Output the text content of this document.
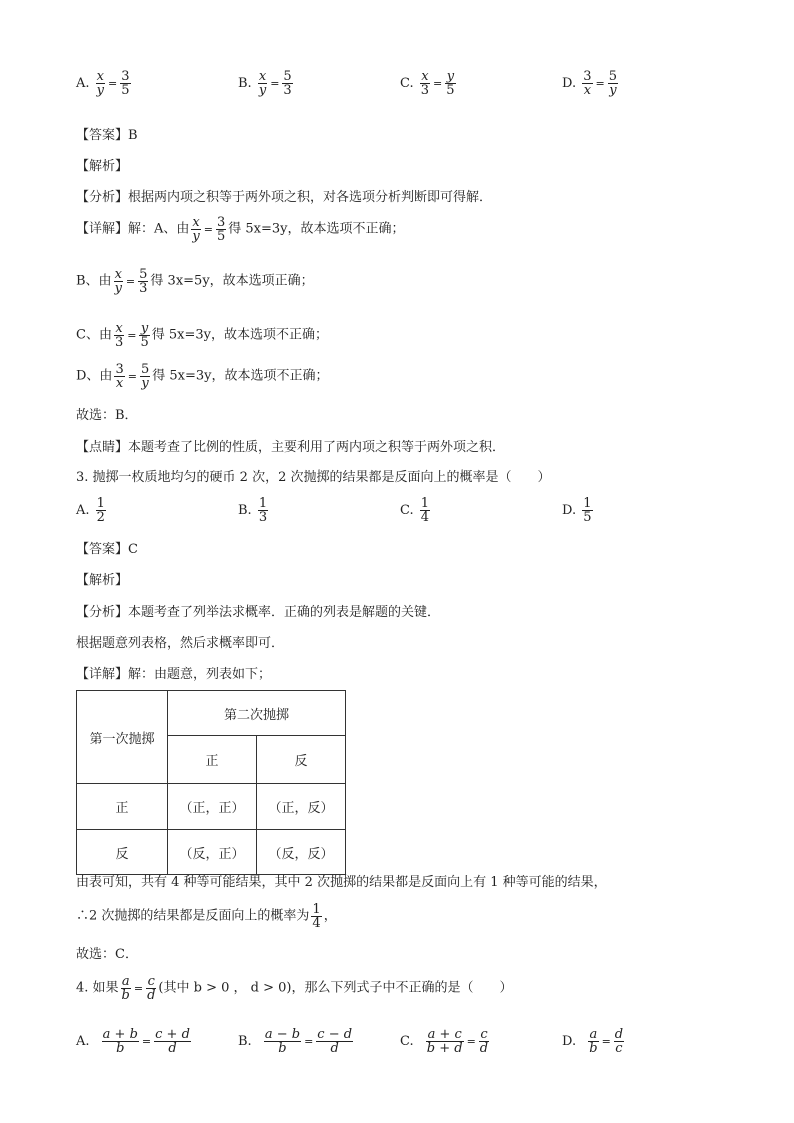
A. $\frac{x}{y} = \frac{3}{5}$	B. $\frac{x}{y} = \frac{5}{3}$	C. $\frac{x}{3} = \frac{y}{5}$	D. $\frac{3}{x} = \frac{5}{y}$
【答案】B
【解析】
【分析】根据两内项之积等于两外项之积，对各选项分析判断即可得解．
【详解】解：A、由 $\frac{x}{y} = \frac{3}{5}$ 得 5x=3y，故本选项不正确；
B、由 $\frac{x}{y} = \frac{5}{3}$ 得 3x=5y，故本选项正确；
C、由 $\frac{x}{3} = \frac{y}{5}$ 得 5x=3y，故本选项不正确；
D、由 $\frac{3}{x} = \frac{5}{y}$ 得 5x=3y，故本选项不正确；
故选：B．
【点睛】本题考查了比例的性质，主要利用了两内项之积等于两外项之积．
3. 抛掷一枚质地均匀的硬币 2 次，2 次抛掷的结果都是反面向上的概率是（　　）
A. $\frac{1}{2}$	B. $\frac{1}{3}$	C. $\frac{1}{4}$	D. $\frac{1}{5}$
【答案】C
【解析】
【分析】本题考查了列举法求概率．正确的列表是解题的关键．
根据题意列表格，然后求概率即可．
【详解】解：由题意，列表如下；
第一次抛掷	第二次抛掷	
	正	反
正	（正，正）	（正，反）
反	（反，正）	（反，反）
由表可知，共有 4 种等可能结果，其中 2 次抛掷的结果都是反面向上有 1 种等可能的结果，
∴2 次抛掷的结果都是反面向上的概率为 $\frac{1}{4}$ ，
故选：C．
4. 如果 $\frac{a}{b} = \frac{c}{d}$ (其中 b > 0 ， d > 0)，那么下列式子中不正确的是（　　）
A. $\frac{a + b}{b} = \frac{c + d}{d}$	B. $\frac{a - b}{b} = \frac{c - d}{d}$	C. $\frac{a + c}{b + d} = \frac{c}{d}$	D. $\frac{a}{b} = \frac{d}{c}$
